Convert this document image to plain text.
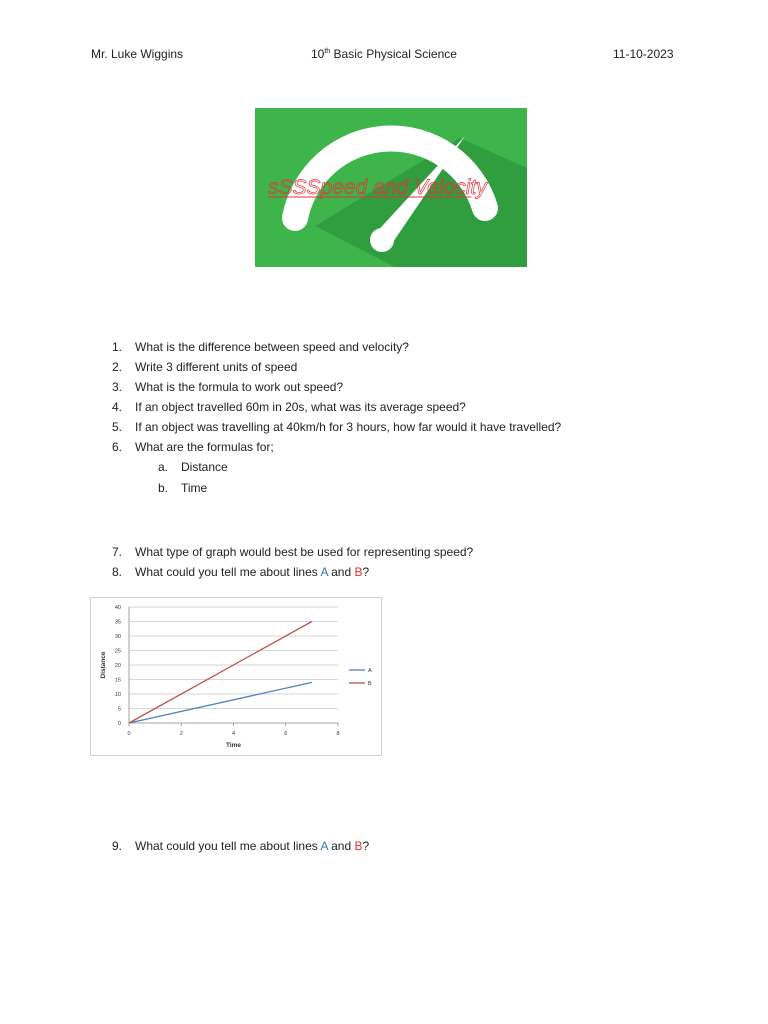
Mr. Luke Wiggins	10th Basic Physical Science	11-10-2023
sSSSpeed and Velocity
1. What is the difference between speed and velocity?
2. Write 3 different units of speed
3. What is the formula to work out speed?
4. If an object travelled 60m in 20s, what was its average speed?
5. If an object was travelling at 40km/h for 3 hours, how far would it have travelled?
6. What are the formulas for;
a. Distance
b. Time
7. What type of graph would best be used for representing speed?
8. What could you tell me about lines A and B?
9. What could you tell me about lines A and B?
0
5
10
15
20
25
30
35
40
0	2	4	6	8
Time
Distance	A
B
